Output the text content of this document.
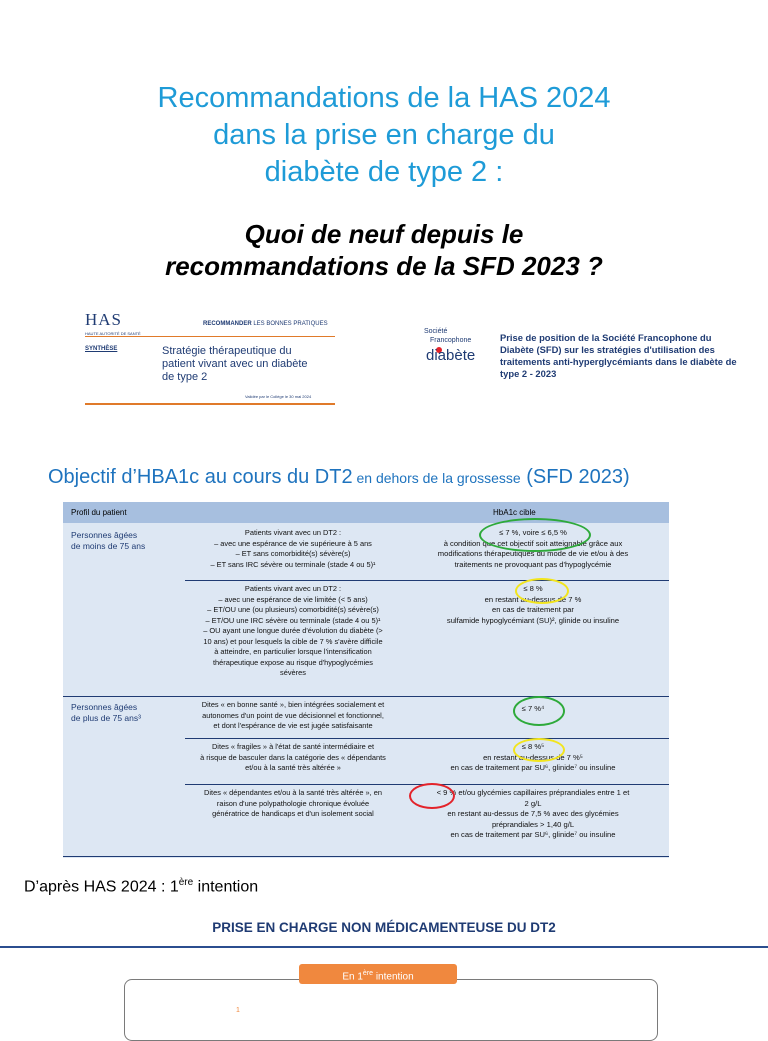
Recommandations de la HAS 2024
dans la prise en charge du
diabète de type 2 :
Quoi de neuf depuis le
recommandations de la SFD 2023 ?
HAS
HAUTE AUTORITÉ DE SANTÉ
RECOMMANDER LES BONNES PRATIQUES
SYNTHÈSE	Stratégie thérapeutique du patient vivant avec un diabète de type 2
Validée par le Collège le 30 mai 2024
Société
Francophone
diabète
Prise de position de la Société Francophone du Diabète (SFD) sur les stratégies d'utilisation des traitements anti-hyperglycémiants dans le diabète de type 2 - 2023
Objectif d’HBA1c au cours du DT2 en dehors de la grossesse (SFD 2023)
Profil du patient	HbA1c cible
Personnes âgées
de moins de 75 ans
Personnes âgées
de plus de 75 ans³
Patients vivant avec un DT2 :
– avec une espérance de vie supérieure à 5 ans
– ET sans comorbidité(s) sévère(s)
– ET sans IRC sévère ou terminale (stade 4 ou 5)¹
≤ 7 %, voire ≤ 6,5 %
à condition que cet objectif soit atteignable grâce aux
modifications thérapeutiques du mode de vie et/ou à des
traitements ne provoquant pas d'hypoglycémie
Patients vivant avec un DT2 :
– avec une espérance de vie limitée (< 5 ans)
– ET/OU une (ou plusieurs) comorbidité(s) sévère(s)
– ET/OU une IRC sévère ou terminale (stade 4 ou 5)¹
– OU ayant une longue durée d'évolution du diabète (>
10 ans) et pour lesquels la cible de 7 % s'avère difficile
à atteindre, en particulier lorsque l'intensification
thérapeutique expose au risque d'hypoglycémies
sévères
≤ 8 %
en restant au-dessus de 7 %
en cas de traitement par
sulfamide hypoglycémiant (SU)², glinide ou insuline
Dites « en bonne santé », bien intégrées socialement et
autonomes d'un point de vue décisionnel et fonctionnel,
et dont l'espérance de vie est jugée satisfaisante
≤ 7 %⁴
Dites « fragiles » à l'état de santé intermédiaire et
à risque de basculer dans la catégorie des « dépendants
et/ou à la santé très altérée »
≤ 8 %⁵
en restant au-dessus de 7 %⁵
en cas de traitement par SU⁶, glinide⁷ ou insuline
Dites « dépendantes et/ou à la santé très altérée », en
raison d'une polypathologie chronique évoluée
génératrice de handicaps et d'un isolement social
< 9 % et/ou glycémies capillaires préprandiales entre 1 et
2 g/L
en restant au-dessus de 7,5 % avec des glycémies
préprandiales > 1,40 g/L
en cas de traitement par SU⁶, glinide⁷ ou insuline
D’après HAS 2024 : 1ère intention
PRISE EN CHARGE NON MÉDICAMENTEUSE DU DT2
En 1ère intention
1
